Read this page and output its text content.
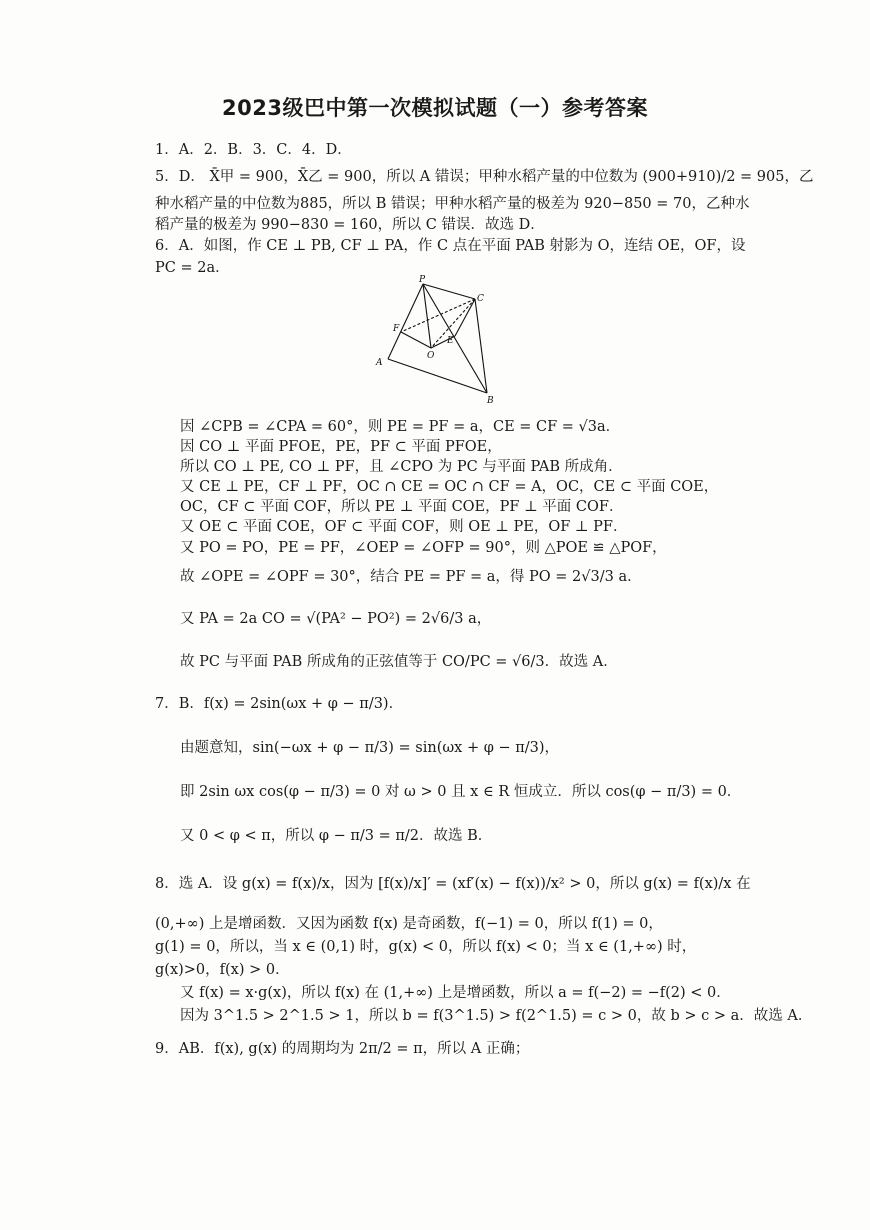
2023级巴中第一次模拟试题（一）参考答案
1．A．2．B．3．C．4．D．
5．D． X̄甲 = 900，X̄乙 = 900，所以 A 错误；甲种水稻产量的中位数为 (900+910)/2 = 905，乙
种水稻产量的中位数为885，所以 B 错误；甲种水稻产量的极差为 920−850 = 70，乙种水
稻产量的极差为 990−830 = 160，所以 C 错误．故选 D．
6．A．如图，作 CE ⊥ PB, CF ⊥ PA，作 C 点在平面 PAB 射影为 O，连结 OE，OF，设
PC = 2a．
P
C
F
E
O
A
B
因 ∠CPB = ∠CPA = 60°，则 PE = PF = a，CE = CF = √3a．
因 CO ⊥ 平面 PFOE，PE，PF ⊂ 平面 PFOE，
所以 CO ⊥ PE, CO ⊥ PF，且 ∠CPO 为 PC 与平面 PAB 所成角．
又 CE ⊥ PE，CF ⊥ PF，OC ∩ CE = OC ∩ CF = A，OC，CE ⊂ 平面 COE，
OC，CF ⊂ 平面 COF，所以 PE ⊥ 平面 COE，PF ⊥ 平面 COF．
又 OE ⊂ 平面 COE，OF ⊂ 平面 COF，则 OE ⊥ PE，OF ⊥ PF．
又 PO = PO，PE = PF，∠OEP = ∠OFP = 90°，则 △POE ≌ △POF，
故 ∠OPE = ∠OPF = 30°，结合 PE = PF = a，得 PO = 2√3/3 a．
又 PA = 2a CO = √(PA² − PO²) = 2√6/3 a，
故 PC 与平面 PAB 所成角的正弦值等于 CO/PC = √6/3．故选 A．
7．B．f(x) = 2sin(ωx + φ − π/3)．
由题意知，sin(−ωx + φ − π/3) = sin(ωx + φ − π/3)，
即 2sin ωx cos(φ − π/3) = 0 对 ω > 0 且 x ∈ R 恒成立．所以 cos(φ − π/3) = 0．
又 0 < φ < π，所以 φ − π/3 = π/2．故选 B．
8．选 A．设 g(x) = f(x)/x，因为 [f(x)/x]′ = (xf′(x) − f(x))/x² > 0，所以 g(x) = f(x)/x 在
(0,+∞) 上是增函数．又因为函数 f(x) 是奇函数，f(−1) = 0，所以 f(1) = 0，
g(1) = 0，所以，当 x ∈ (0,1) 时，g(x) < 0，所以 f(x) < 0；当 x ∈ (1,+∞) 时，
g(x)>0，f(x) > 0．
又 f(x) = x·g(x)，所以 f(x) 在 (1,+∞) 上是增函数，所以 a = f(−2) = −f(2) < 0．
因为 3^1.5 > 2^1.5 > 1，所以 b = f(3^1.5) > f(2^1.5) = c > 0，故 b > c > a．故选 A．
9．AB．f(x), g(x) 的周期均为 2π/2 = π，所以 A 正确；
